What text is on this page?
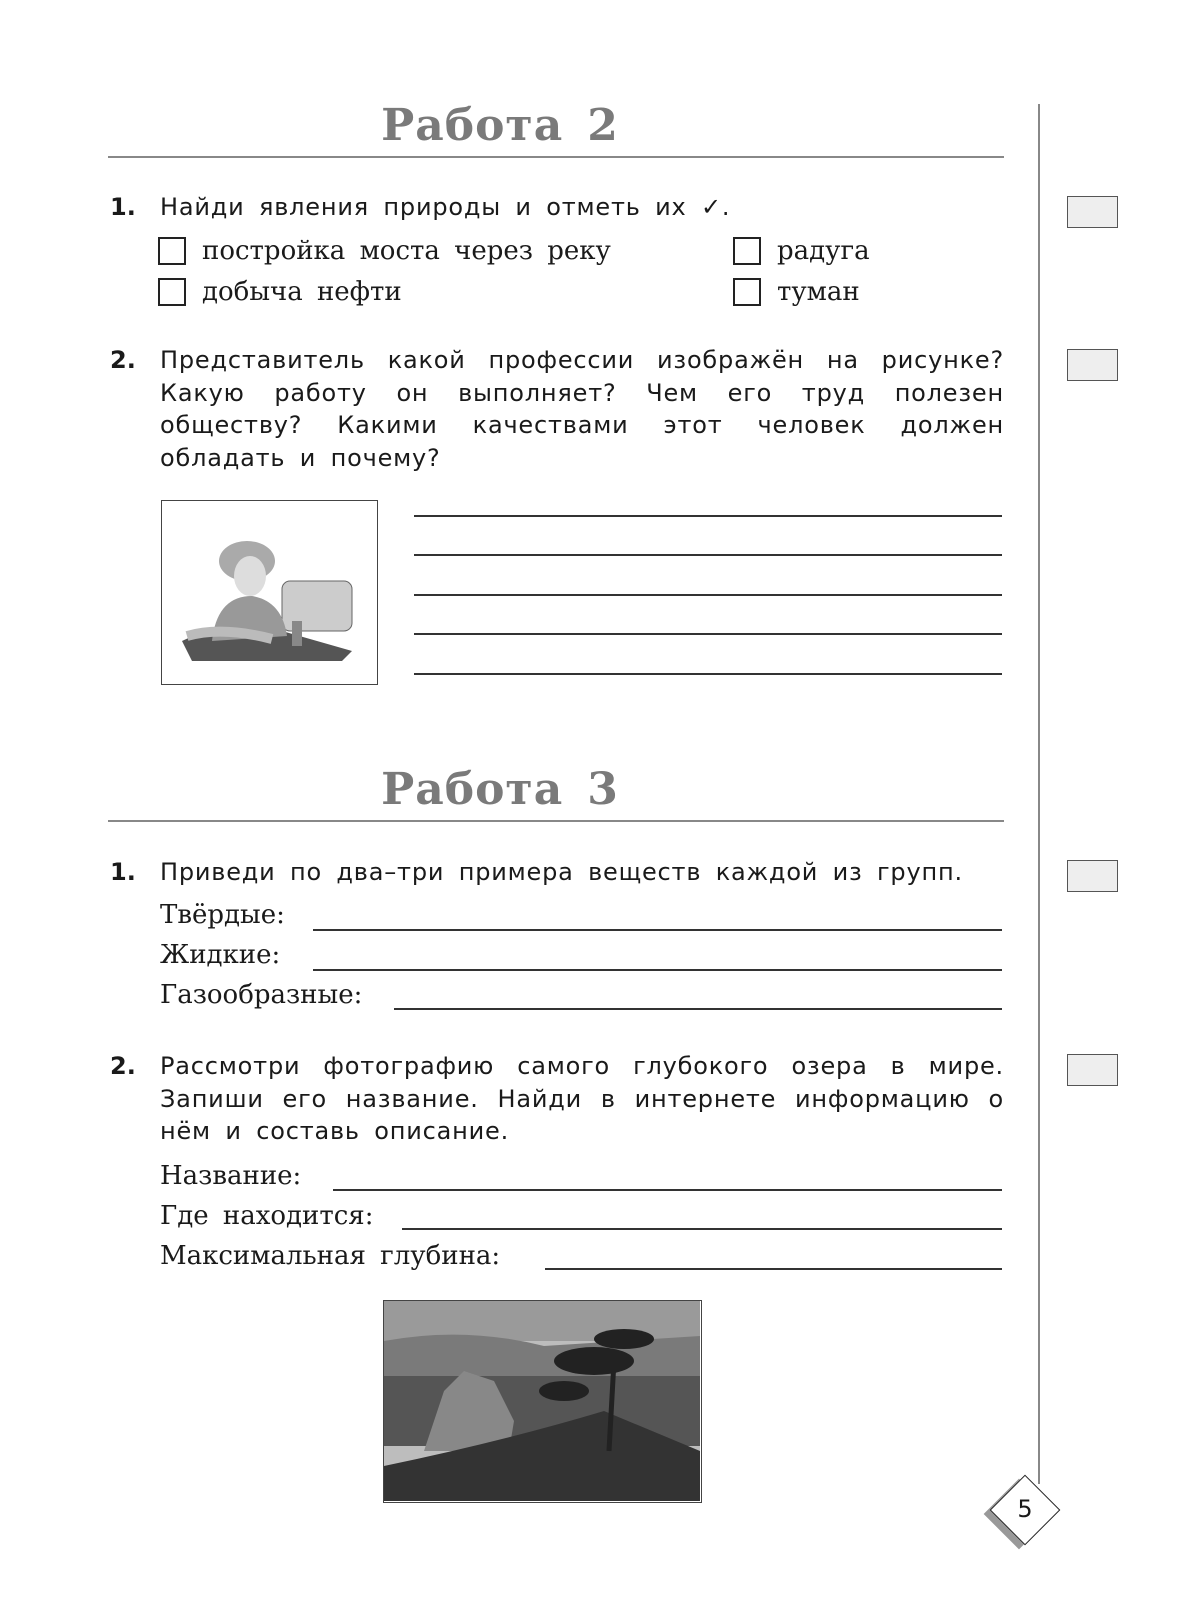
Работа 2
1. Найди явления природы и отметь их ✓.
постройка моста через реку	радуга
добыча нефти	туман
2. Представитель какой профессии изображён на рисунке? Какую работу он выполняет? Чем его труд полезен обществу? Какими качествами этот человек должен обладать и почему?
Работа 3
1. Приведи по два–три примера веществ каждой из групп.
Твёрдые:
Жидкие:
Газообразные:
2. Рассмотри фотографию самого глубокого озера в мире. Запиши его название. Найди в интернете информацию о нём и составь описание.
Название:
Где находится:
Максимальная глубина:
5
